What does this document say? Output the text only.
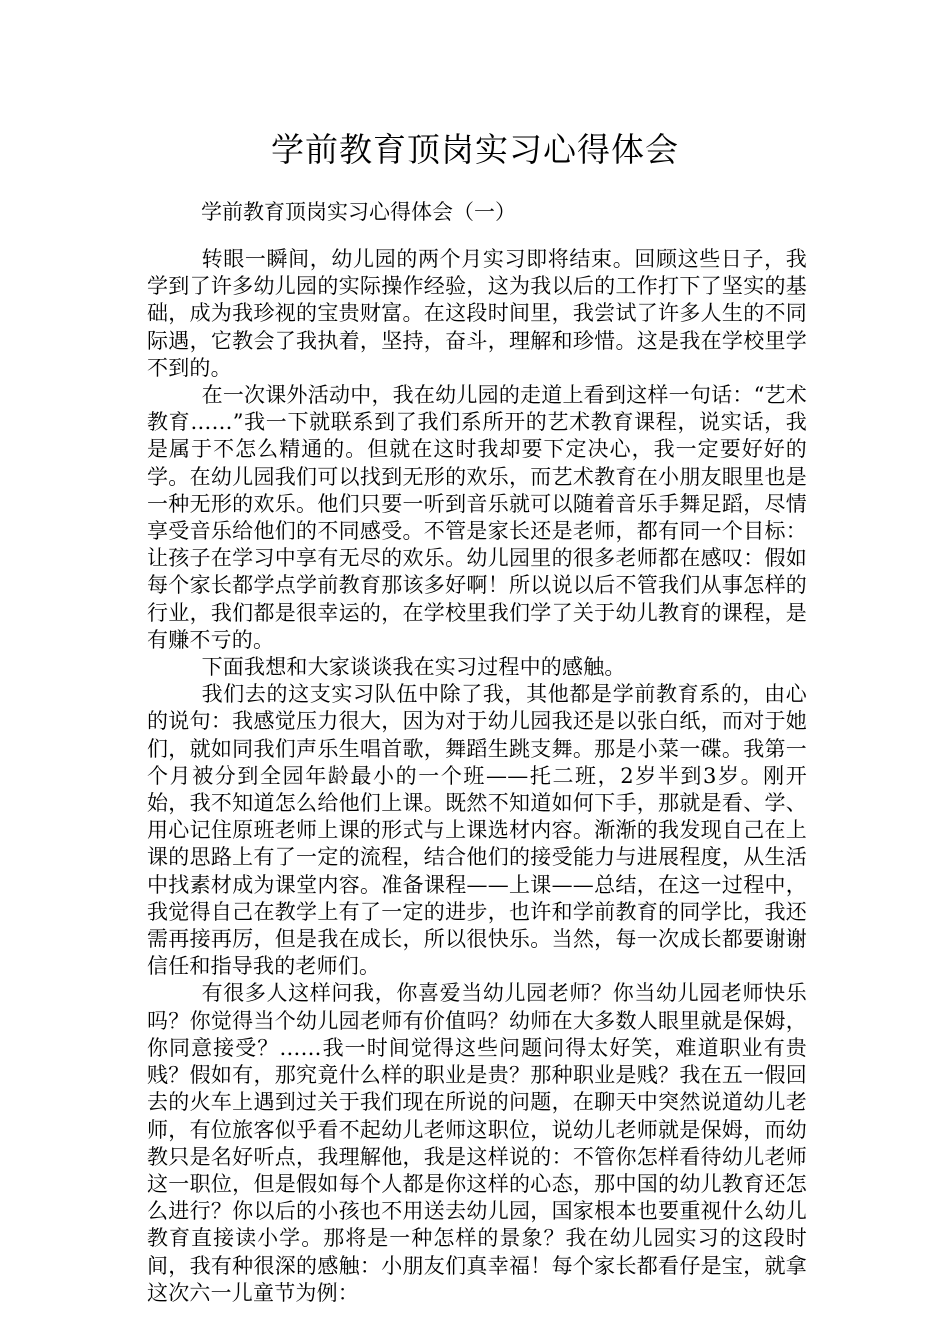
学前教育顶岗实习心得体会
学前教育顶岗实习心得体会（一）

转眼一瞬间，幼儿园的两个月实习即将结束。回顾这些日子，我学到了许多幼儿园的实际操作经验，这为我以后的工作打下了坚实的基础，成为我珍视的宝贵财富。在这段时间里，我尝试了许多人生的不同际遇，它教会了我执着，坚持，奋斗，理解和珍惜。这是我在学校里学不到的。

在一次课外活动中，我在幼儿园的走道上看到这样一句话：“艺术教育……”我一下就联系到了我们系所开的艺术教育课程，说实话，我是属于不怎么精通的。但就在这时我却要下定决心，我一定要好好的学。在幼儿园我们可以找到无形的欢乐，而艺术教育在小朋友眼里也是一种无形的欢乐。他们只要一听到音乐就可以随着音乐手舞足蹈，尽情享受音乐给他们的不同感受。不管是家长还是老师，都有同一个目标：让孩子在学习中享有无尽的欢乐。幼儿园里的很多老师都在感叹：假如每个家长都学点学前教育那该多好啊！所以说以后不管我们从事怎样的行业，我们都是很幸运的，在学校里我们学了关于幼儿教育的课程，是有赚不亏的。

下面我想和大家谈谈我在实习过程中的感触。

我们去的这支实习队伍中除了我，其他都是学前教育系的，由心的说句：我感觉压力很大，因为对于幼儿园我还是以张白纸，而对于她们，就如同我们声乐生唱首歌，舞蹈生跳支舞。那是小菜一碟。我第一个月被分到全园年龄最小的一个班——托二班，2岁半到3岁。刚开始，我不知道怎么给他们上课。既然不知道如何下手，那就是看、学、用心记住原班老师上课的形式与上课选材内容。渐渐的我发现自己在上课的思路上有了一定的流程，结合他们的接受能力与进展程度，从生活中找素材成为课堂内容。准备课程——上课——总结，在这一过程中，我觉得自己在教学上有了一定的进步，也许和学前教育的同学比，我还需再接再厉，但是我在成长，所以很快乐。当然，每一次成长都要谢谢信任和指导我的老师们。

有很多人这样问我，你喜爱当幼儿园老师？你当幼儿园老师快乐吗？你觉得当个幼儿园老师有价值吗？幼师在大多数人眼里就是保姆，你同意接受？……我一时间觉得这些问题问得太好笑，难道职业有贵贱？假如有，那究竟什么样的职业是贵？那种职业是贱？我在五一假回去的火车上遇到过关于我们现在所说的问题，在聊天中突然说道幼儿老师，有位旅客似乎看不起幼儿老师这职位，说幼儿老师就是保姆，而幼教只是名好听点，我理解他，我是这样说的：不管你怎样看待幼儿老师这一职位，但是假如每个人都是你这样的心态，那中国的幼儿教育还怎么进行？你以后的小孩也不用送去幼儿园，国家根本也要重视什么幼儿教育直接读小学。那将是一种怎样的景象？我在幼儿园实习的这段时间，我有种很深的感触：小朋友们真幸福！每个家长都看仔是宝，就拿这次六一儿童节为例：
